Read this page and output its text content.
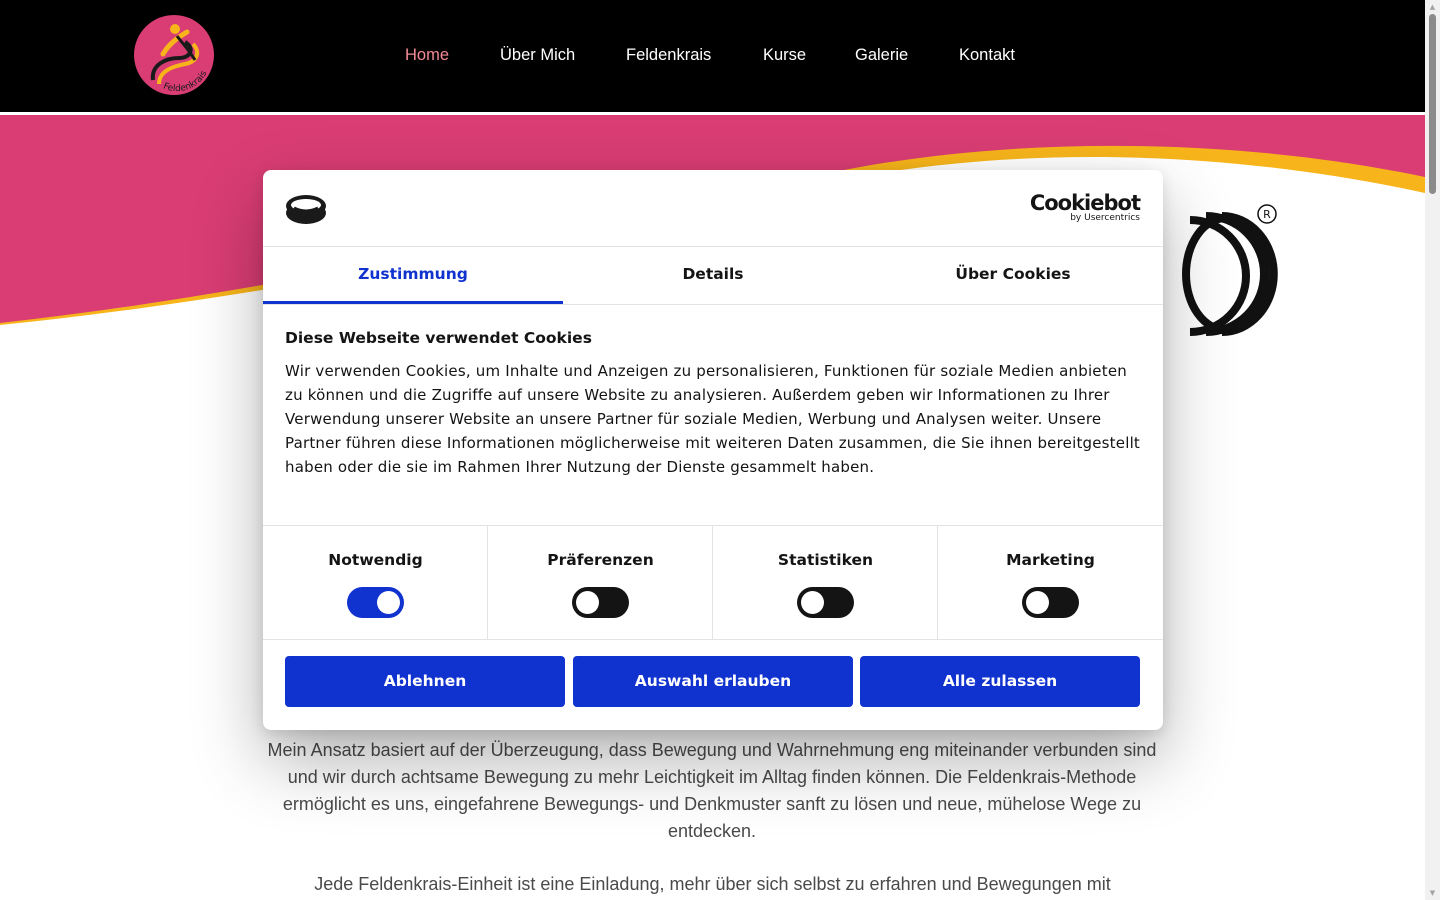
Feldenkrais
Home	Über Mich	Feldenkrais	Kurse	Galerie	Kontakt
R

Mein Ansatz basiert auf der Überzeugung, dass Bewegung und Wahrnehmung eng miteinander verbunden sind und wir durch achtsame Bewegung zu mehr Leichtigkeit im Alltag finden können. Die Feldenkrais-Methode ermöglicht es uns, eingefahrene Bewegungs- und Denkmuster sanft zu lösen und neue, mühelose Wege zu entdecken.

Jede Feldenkrais-Einheit ist eine Einladung, mehr über sich selbst zu erfahren und Bewegungen mit

▲
▼
Cookiebot
by Usercentrics
Zustimmung	Details	Über Cookies
Diese Webseite verwendet Cookies

Wir verwenden Cookies, um Inhalte und Anzeigen zu personalisieren, Funktionen für soziale Medien anbieten zu können und die Zugriffe auf unsere Website zu analysieren. Außerdem geben wir Informationen zu Ihrer Verwendung unserer Website an unsere Partner für soziale Medien, Werbung und Analysen weiter. Unsere Partner führen diese Informationen möglicherweise mit weiteren Daten zusammen, die Sie ihnen bereitgestellt haben oder die sie im Rahmen Ihrer Nutzung der Dienste gesammelt haben.

Notwendig	Präferenzen	Statistiken	Marketing
Ablehnen	Auswahl erlauben	Alle zulassen
